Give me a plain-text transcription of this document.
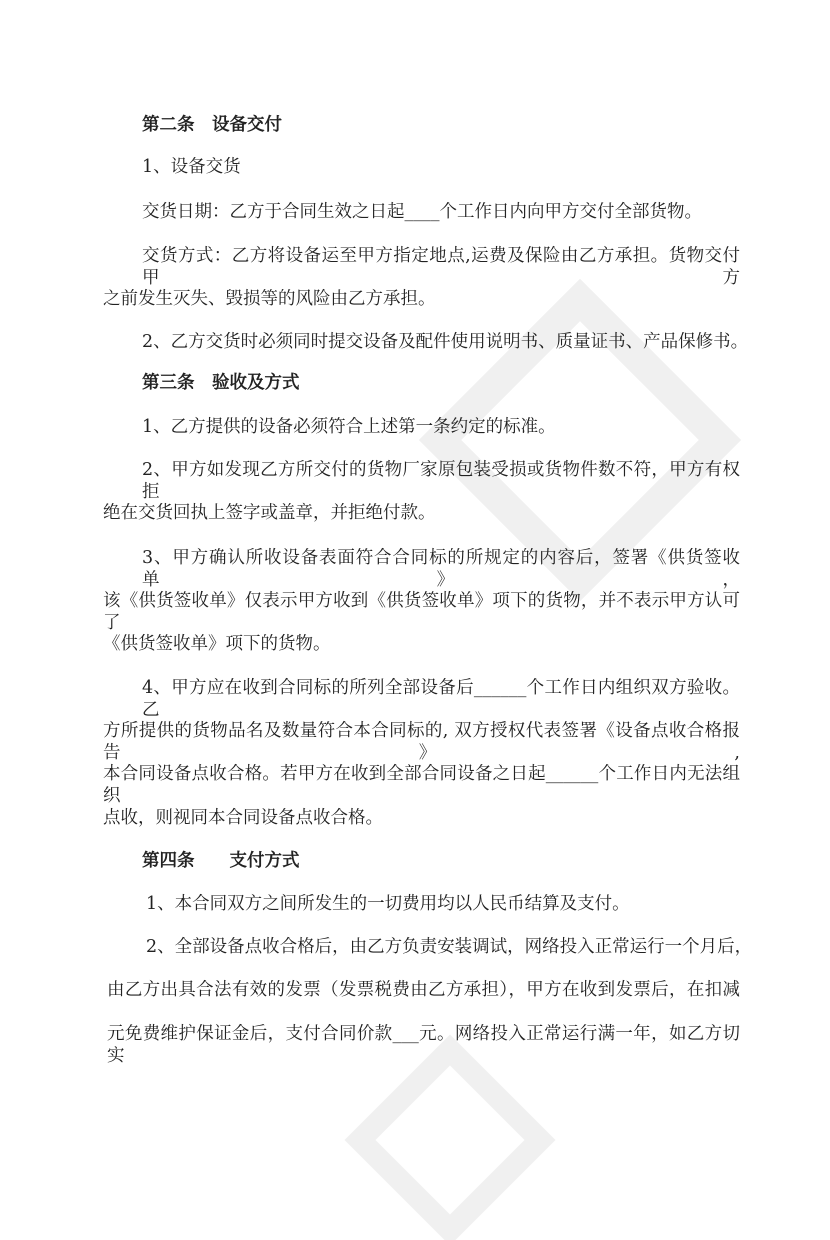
第二条　设备交付
1、设备交货
交货日期：乙方于合同生效之日起____个工作日内向甲方交付全部货物。
交货方式：乙方将设备运至甲方指定地点,运费及保险由乙方承担。货物交付甲方
之前发生灭失、毁损等的风险由乙方承担。
2、乙方交货时必须同时提交设备及配件使用说明书、质量证书、产品保修书。
第三条　验收及方式
1、乙方提供的设备必须符合上述第一条约定的标准。
2、甲方如发现乙方所交付的货物厂家原包装受损或货物件数不符，甲方有权拒
绝在交货回执上签字或盖章，并拒绝付款。
3、甲方确认所收设备表面符合合同标的所规定的内容后，签署《供货签收单》，
该《供货签收单》仅表示甲方收到《供货签收单》项下的货物，并不表示甲方认可了
《供货签收单》项下的货物。
4、甲方应在收到合同标的所列全部设备后______个工作日内组织双方验收。乙
方所提供的货物品名及数量符合本合同标的, 双方授权代表签署《设备点收合格报告》,
本合同设备点收合格。若甲方在收到全部合同设备之日起______个工作日内无法组织
点收，则视同本合同设备点收合格。
第四条　　支付方式
1、本合同双方之间所发生的一切费用均以人民币结算及支付。
2、全部设备点收合格后，由乙方负责安装调试，网络投入正常运行一个月后，
由乙方出具合法有效的发票（发票税费由乙方承担），甲方在收到发票后，在扣减
元免费维护保证金后，支付合同价款___元。网络投入正常运行满一年，如乙方切实
